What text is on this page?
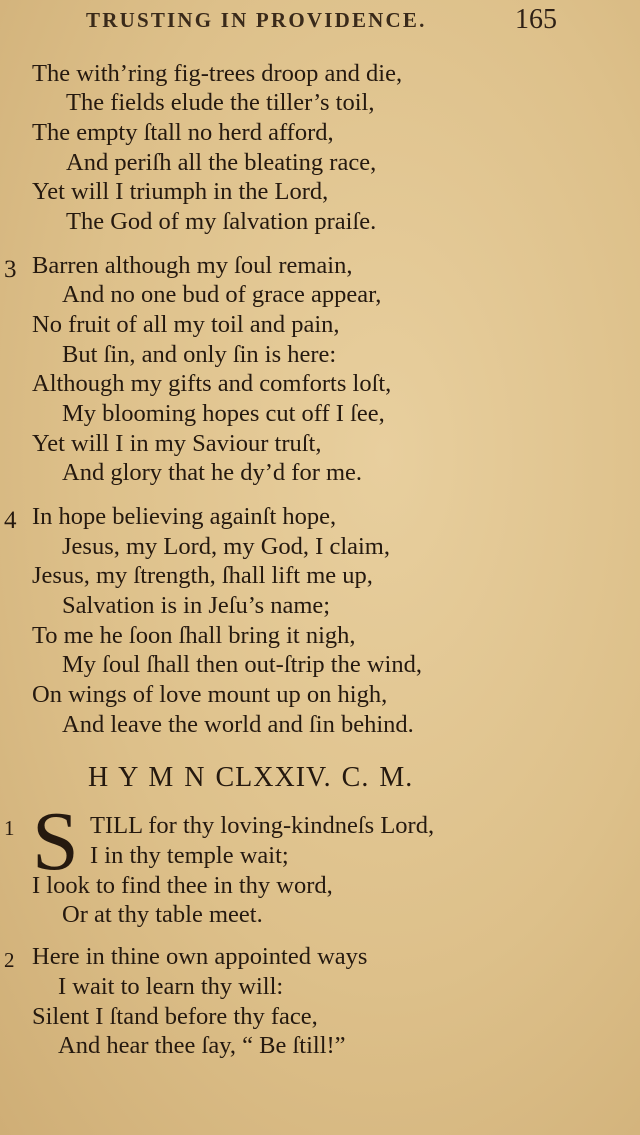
TRUSTING IN PROVIDENCE.	165
The with’ring fig-trees droop and die,
The fields elude the tiller’s toil,
The empty ſtall no herd afford,
And periſh all the bleating race,
Yet will I triumph in the Lord,
The God of my ſalvation praiſe.
3 Barren although my ſoul remain,
And no one bud of grace appear,
No fruit of all my toil and pain,
But ſin, and only ſin is here:
Although my gifts and comforts loſt,
My blooming hopes cut off I ſee,
Yet will I in my Saviour truſt,
And glory that he dy’d for me.
4 In hope believing againſt hope,
Jesus, my Lord, my God, I claim,
Jesus, my ſtrength, ſhall lift me up,
Salvation is in Jeſu’s name;
To me he ſoon ſhall bring it nigh,
My ſoul ſhall then out-ſtrip the wind,
On wings of love mount up on high,
And leave the world and ſin behind.
H Y M N CLXXIV. C. M.
1 S TILL for thy loving-kindneſs Lord,
I in thy temple wait;
I look to find thee in thy word,
Or at thy table meet.
2 Here in thine own appointed ways
I wait to learn thy will:
Silent I ſtand before thy face,
And hear thee ſay, “ Be ſtill!”
